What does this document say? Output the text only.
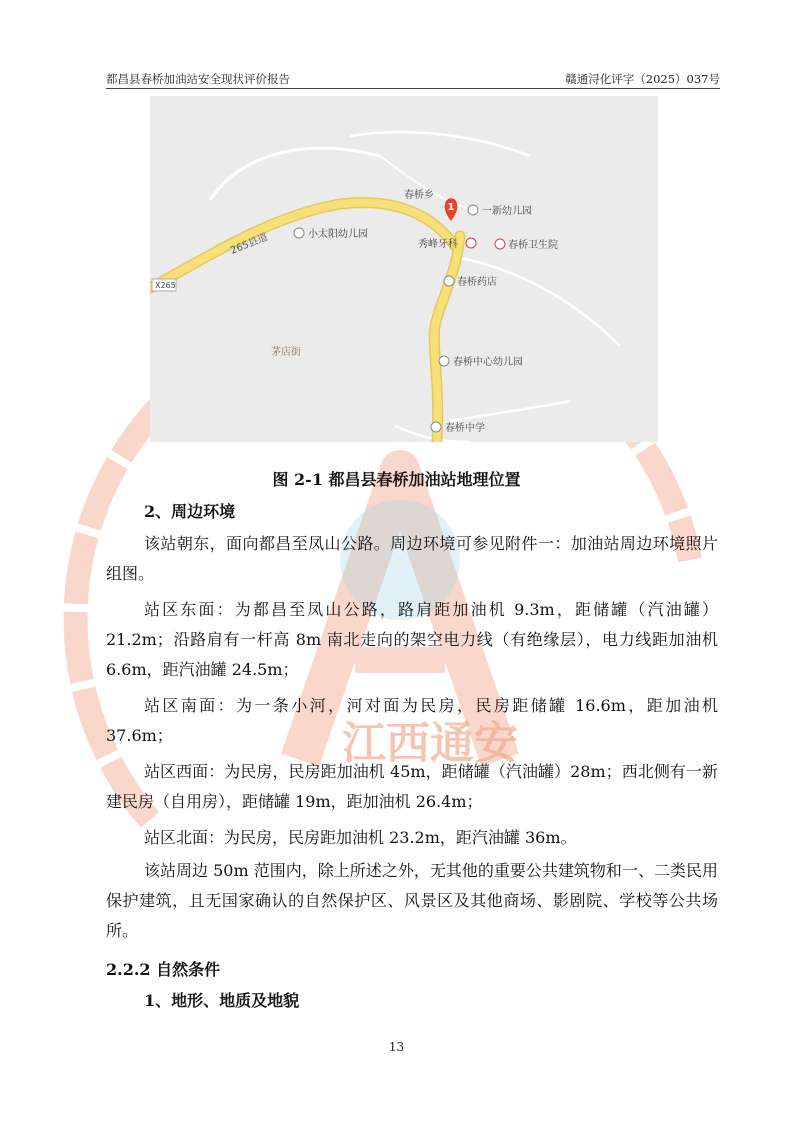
江西通安
都昌县春桥加油站安全现状评价报告	赣通浔化评字（2025）037号
265县道
X265
春桥乡
1	一新幼儿园
小太阳幼儿园
秀峰牙科	春桥卫生院
春桥药店
茅店街
春桥中心幼儿园
春桥中学
图 2-1 都昌县春桥加油站地理位置
2、周边环境
该站朝东，面向都昌至凤山公路。周边环境可参见附件一：加油站周边环境照片组图。
站区东面：为都昌至凤山公路，路肩距加油机 9.3m，距储罐（汽油罐）21.2m；沿路肩有一杆高 8m 南北走向的架空电力线（有绝缘层），电力线距加油机 6.6m，距汽油罐 24.5m；
站区南面：为一条小河，河对面为民房，民房距储罐 16.6m，距加油机 37.6m；
站区西面：为民房，民房距加油机 45m，距储罐（汽油罐）28m；西北侧有一新建民房（自用房），距储罐 19m，距加油机 26.4m；
站区北面：为民房，民房距加油机 23.2m，距汽油罐 36m。
该站周边 50m 范围内，除上所述之外，无其他的重要公共建筑物和一、二类民用保护建筑，且无国家确认的自然保护区、风景区及其他商场、影剧院、学校等公共场所。
2.2.2 自然条件
1、地形、地质及地貌
13
